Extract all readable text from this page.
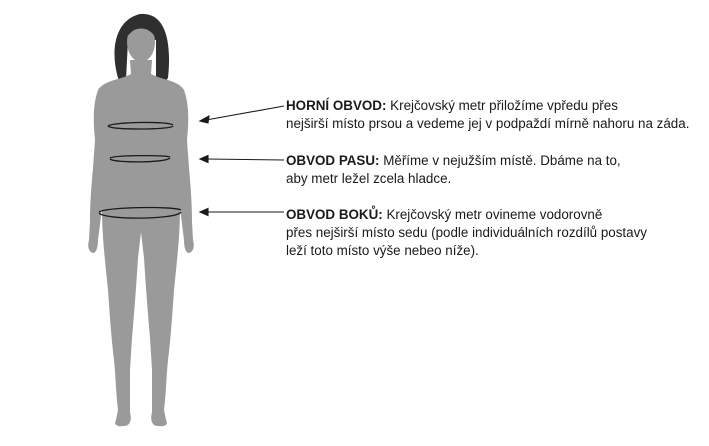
HORNÍ OBVOD: Krejčovský metr přiložíme vpředu přes
nejširší místo prsou a vedeme jej v podpaždí mírně nahoru na záda.
OBVOD PASU: Měříme v nejužším místě. Dbáme na to,
aby metr ležel zcela hladce.
OBVOD BOKŮ: Krejčovský metr ovineme vodorovně
přes nejširší místo sedu (podle individuálních rozdílů postavy
leží toto místo výše nebeo níže).
